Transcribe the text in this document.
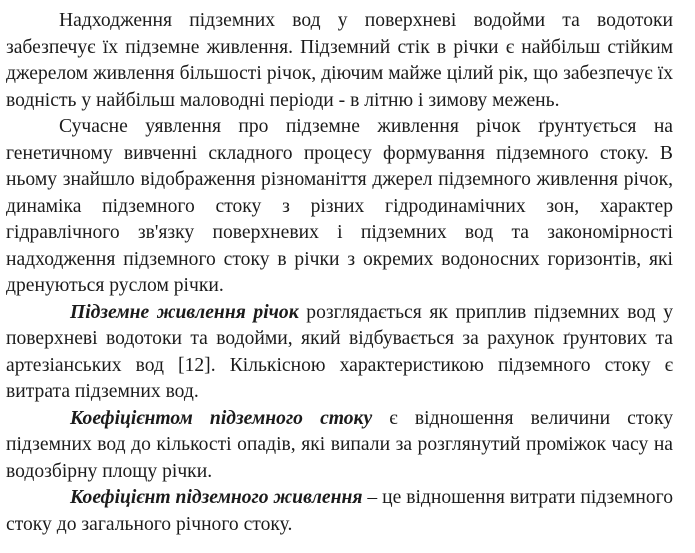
Надходження підземних вод у поверхневі водойми та водотоки забезпечує їх підземне живлення. Підземний стік в річки є найбільш стійким джерелом живлення більшості річок, діючим майже цілий рік, що забезпечує їх водність у найбільш маловодні періоди - в літню і зимову межень.

Сучасне уявлення про підземне живлення річок ґрунтується на генетичному вивченні складного процесу формування підземного стоку. В ньому знайшло відображення різноманіття джерел підземного живлення річок, динаміка підземного стоку з різних гідродинамічних зон, характер гідравлічного зв'язку поверхневих і підземних вод та закономірності надходження підземного стоку в річки з окремих водоносних горизонтів, які дренуються руслом річки.

Підземне живлення річок розглядається як приплив підземних вод у поверхневі водотоки та водойми, який відбувається за рахунок ґрунтових та артезіанських вод [12]. Кількісною характеристикою підземного стоку є витрата підземних вод.

Коефіцієнтом підземного стоку є відношення величини стоку підземних вод до кількості опадів, які випали за розглянутий проміжок часу на водозбірну площу річки.

Коефіцієнт підземного живлення – це відношення витрати підземного стоку до загального річного стоку.
